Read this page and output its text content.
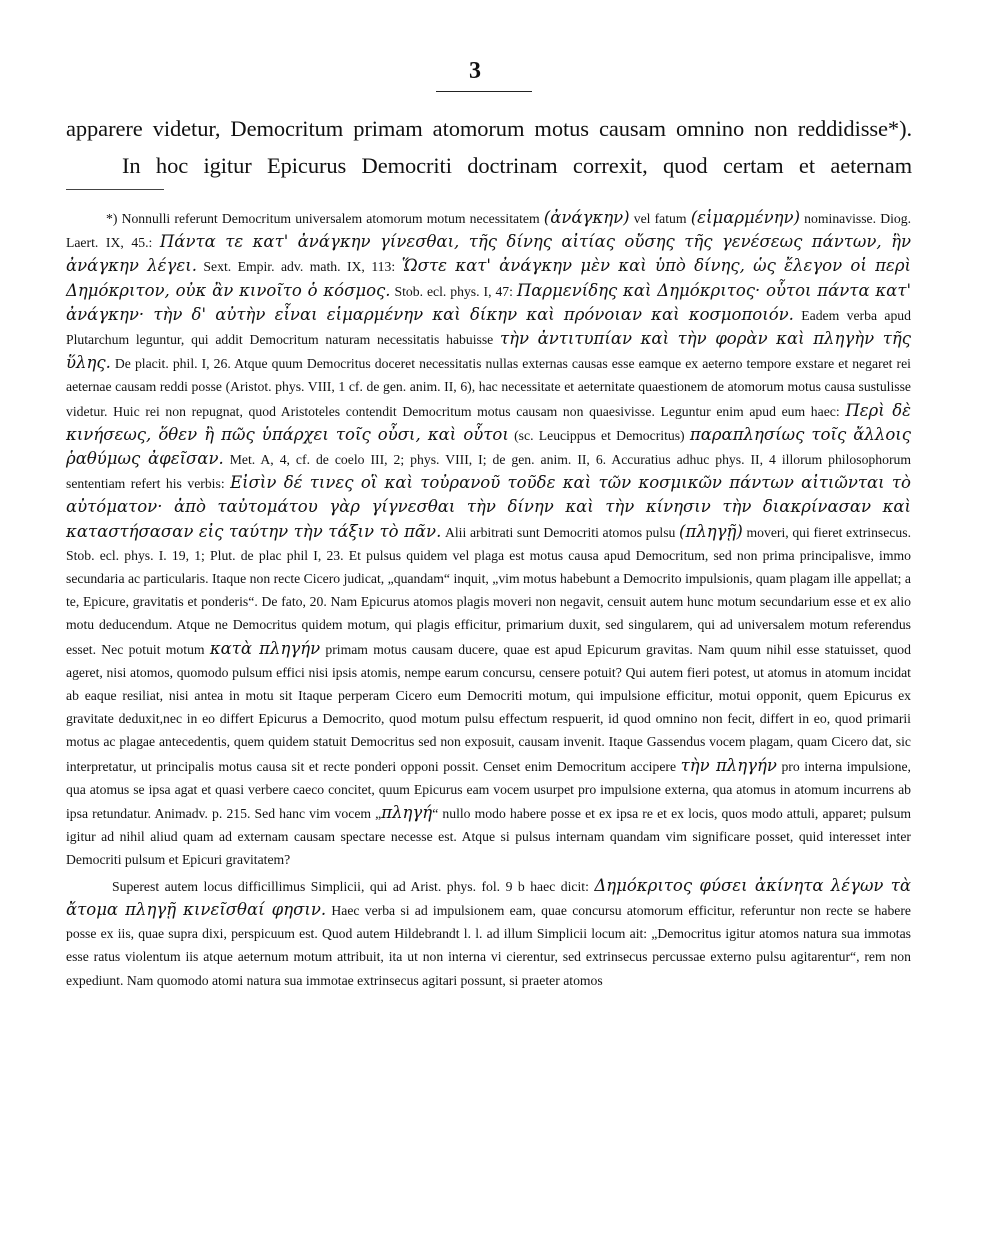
3

apparere videtur, Democritum primam atomorum motus causam omnino non reddidisse*).

In hoc igitur Epicurus Democriti doctrinam correxit, quod certam et aeternam

*) Nonnulli referunt Democritum universalem atomorum motum necessitatem (ἀνάγκην) vel fatum (εἱμαρμένην) nominavisse. Diog. Laert. IX, 45.: Πάντα τε κατ' ἀνάγκην γίνεσθαι, τῆς δίνης αἰτίας οὔσης τῆς γενέσεως πάντων, ἣν ἀνάγκην λέγει. Sext. Empir. adv. math. IX, 113: Ὥστε κατ' ἀνάγκην μὲν καὶ ὑπὸ δίνης, ὡς ἔλεγον οἱ περὶ Δημόκριτον, οὐκ ἂν κινοῖτο ὁ κόσμος. Stob. ecl. phys. I, 47: Παρμενίδης καὶ Δημόκριτος· οὗτοι πάντα κατ' ἀνάγκην· τὴν δ' αὐτὴν εἶναι εἱμαρμένην καὶ δίκην καὶ πρόνοιαν καὶ κοσμοποιόν. Eadem verba apud Plutarchum leguntur, qui addit Democritum naturam necessitatis habuisse τὴν ἀντιτυπίαν καὶ τὴν φορὰν καὶ πληγὴν τῆς ὕλης. De placit. phil. I, 26. Atque quum Democritus doceret necessitatis nullas externas causas esse eamque ex aeterno tempore exstare et negaret rei aeternae causam reddi posse (Aristot. phys. VIII, 1 cf. de gen. anim. II, 6), hac necessitate et aeternitate quaestionem de atomorum motus causa sustulisse videtur. Huic rei non repugnat, quod Aristoteles contendit Democritum motus causam non quaesivisse. Leguntur enim apud eum haec: Περὶ δὲ κινήσεως, ὅθεν ἢ πῶς ὑπάρχει τοῖς οὖσι, καὶ οὗτοι (sc. Leucippus et Democritus) παραπλησίως τοῖς ἄλλοις ῥαθύμως ἀφεῖσαν. Met. A, 4, cf. de coelo III, 2; phys. VIII, I; de gen. anim. II, 6. Accuratius adhuc phys. II, 4 illorum philosophorum sententiam refert his verbis: Εἰσὶν δέ τινες οἳ καὶ τοὐρανοῦ τοῦδε καὶ τῶν κοσμικῶν πάντων αἰτιῶνται τὸ αὐτόματον· ἀπὸ ταὐτομάτου γὰρ γίγνεσθαι τὴν δίνην καὶ τὴν κίνησιν τὴν διακρίνασαν καὶ καταστήσασαν εἰς ταύτην τὴν τάξιν τὸ πᾶν. Alii arbitrati sunt Democriti atomos pulsu (πληγῇ) moveri, qui fieret extrinsecus. Stob. ecl. phys. I. 19, 1; Plut. de plac phil I, 23. Et pulsus quidem vel plaga est motus causa apud Democritum, sed non prima principalisve, immo secundaria ac particularis. Itaque non recte Cicero judicat, „quandam“ inquit, „vim motus habebunt a Democrito impulsionis, quam plagam ille appellat; a te, Epicure, gravitatis et ponderis“. De fato, 20. Nam Epicurus atomos plagis moveri non negavit, censuit autem hunc motum secundarium esse et ex alio motu deducendum. Atque ne Democritus quidem motum, qui plagis efficitur, primarium duxit, sed singularem, qui ad universalem motum referendus esset. Nec potuit motum κατὰ πληγήν primam motus causam ducere, quae est apud Epicurum gravitas. Nam quum nihil esse statuisset, quod ageret, nisi atomos, quomodo pulsum effici nisi ipsis atomis, nempe earum concursu, censere potuit? Qui autem fieri potest, ut atomus in atomum incidat ab eaque resiliat, nisi antea in motu sit Itaque perperam Cicero eum Democriti motum, qui impulsione efficitur, motui opponit, quem Epicurus ex gravitate deduxit,nec in eo differt Epicurus a Democrito, quod motum pulsu effectum respuerit, id quod omnino non fecit, differt in eo, quod primarii motus ac plagae antecedentis, quem quidem statuit Democritus sed non exposuit, causam invenit. Itaque Gassendus vocem plagam, quam Cicero dat, sic interpretatur, ut principalis motus causa sit et recte ponderi opponi possit. Censet enim Democritum accipere τὴν πληγήν pro interna impulsione, qua atomus se ipsa agat et quasi verbere caeco concitet, quum Epicurus eam vocem usurpet pro impulsione externa, qua atomus in atomum incurrens ab ipsa retundatur. Animadv. p. 215. Sed hanc vim vocem „πληγή“ nullo modo habere posse et ex ipsa re et ex locis, quos modo attuli, apparet; pulsum igitur ad nihil aliud quam ad externam causam spectare necesse est. Atque si pulsus internam quandam vim significare posset, quid interesset inter Democriti pulsum et Epicuri gravitatem?

Superest autem locus difficillimus Simplicii, qui ad Arist. phys. fol. 9 b haec dicit: Δημόκριτος φύσει ἀκίνητα λέγων τὰ ἄτομα πληγῇ κινεῖσθαί φησιν. Haec verba si ad impulsionem eam, quae concursu atomorum efficitur, referuntur non recte se habere posse ex iis, quae supra dixi, perspicuum est. Quod autem Hildebrandt l. l. ad illum Simplicii locum ait: „Democritus igitur atomos natura sua immotas esse ratus violentum iis atque aeternum motum attribuit, ita ut non interna vi cierentur, sed extrinsecus percussae externo pulsu agitarentur“, rem non expediunt. Nam quomodo atomi natura sua immotae extrinsecus agitari possunt, si praeter atomos
